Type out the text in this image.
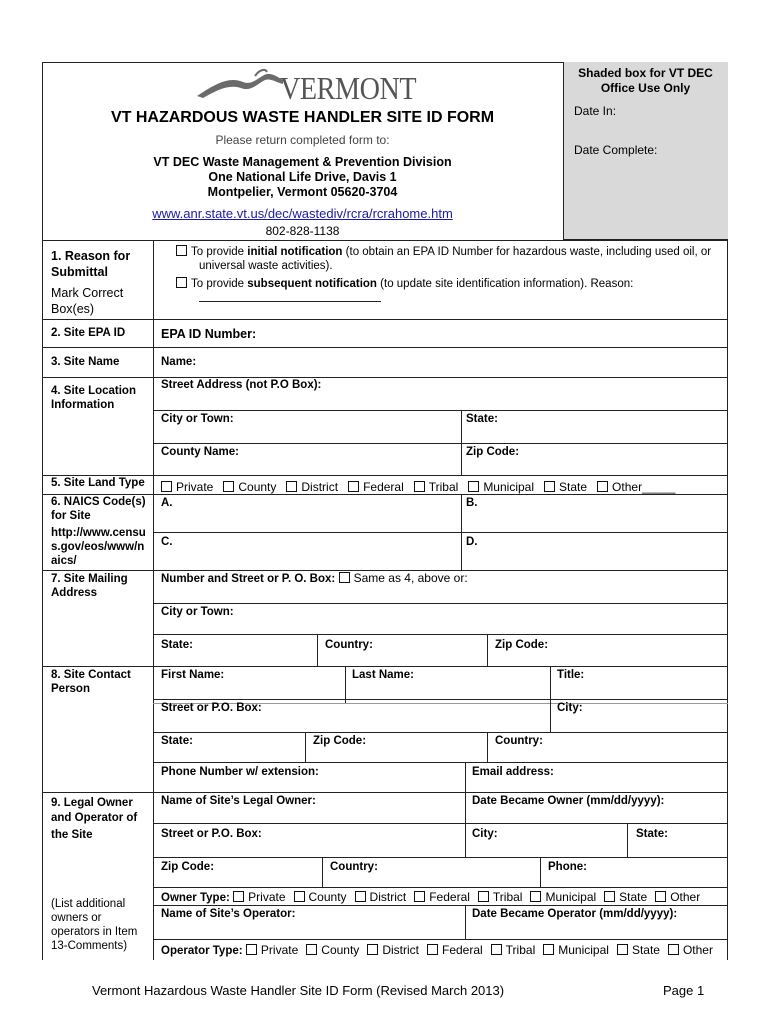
Shaded box for VT DEC
Office Use Only
Date In:
Date Complete:
VERMONT
VT HAZARDOUS WASTE HANDLER SITE ID FORM
Please return completed form to:
VT DEC Waste Management & Prevention Division
One National Life Drive, Davis 1
Montpelier, Vermont 05620-3704
www.anr.state.vt.us/dec/wastediv/rcra/rcrahome.htm
802-828-1138
1. Reason for
Submittal
Mark Correct
Box(es)
To provide initial notification (to obtain an EPA ID Number for hazardous waste, including used oil, or
universal waste activities).
To provide subsequent notification (to update site identification information). Reason:
2. Site EPA ID	EPA ID Number:
3. Site Name	Name:
4. Site Location
Information
Street Address (not P.O Box):
City or Town:	State:
County Name:	Zip Code:
5. Site Land Type	Private County District Federal Tribal Municipal State Other_____
6. NAICS Code(s)
for Site
http://www.censu
s.gov/eos/www/n
aics/
A.	B.
C.	D.
7. Site Mailing
Address
Number and Street or P. O. Box: Same as 4, above or:
City or Town:
State:	Country:	Zip Code:
8. Site Contact
Person
First Name:	Last Name:	Title:
Street or P.O. Box:	City:
State:	Zip Code:	Country:
Phone Number w/ extension:	Email address:
9. Legal Owner
and Operator of
the Site
(List additional
owners or
operators in Item
13-Comments)
Name of Site’s Legal Owner:	Date Became Owner (mm/dd/yyyy):
Street or P.O. Box:	City:	State:
Zip Code:	Country:	Phone:
Owner Type: Private County District Federal Tribal Municipal State Other
Name of Site’s Operator:	Date Became Operator (mm/dd/yyyy):
Operator Type: Private County District Federal Tribal Municipal State Other
Vermont Hazardous Waste Handler Site ID Form (Revised March 2013)	Page 1
